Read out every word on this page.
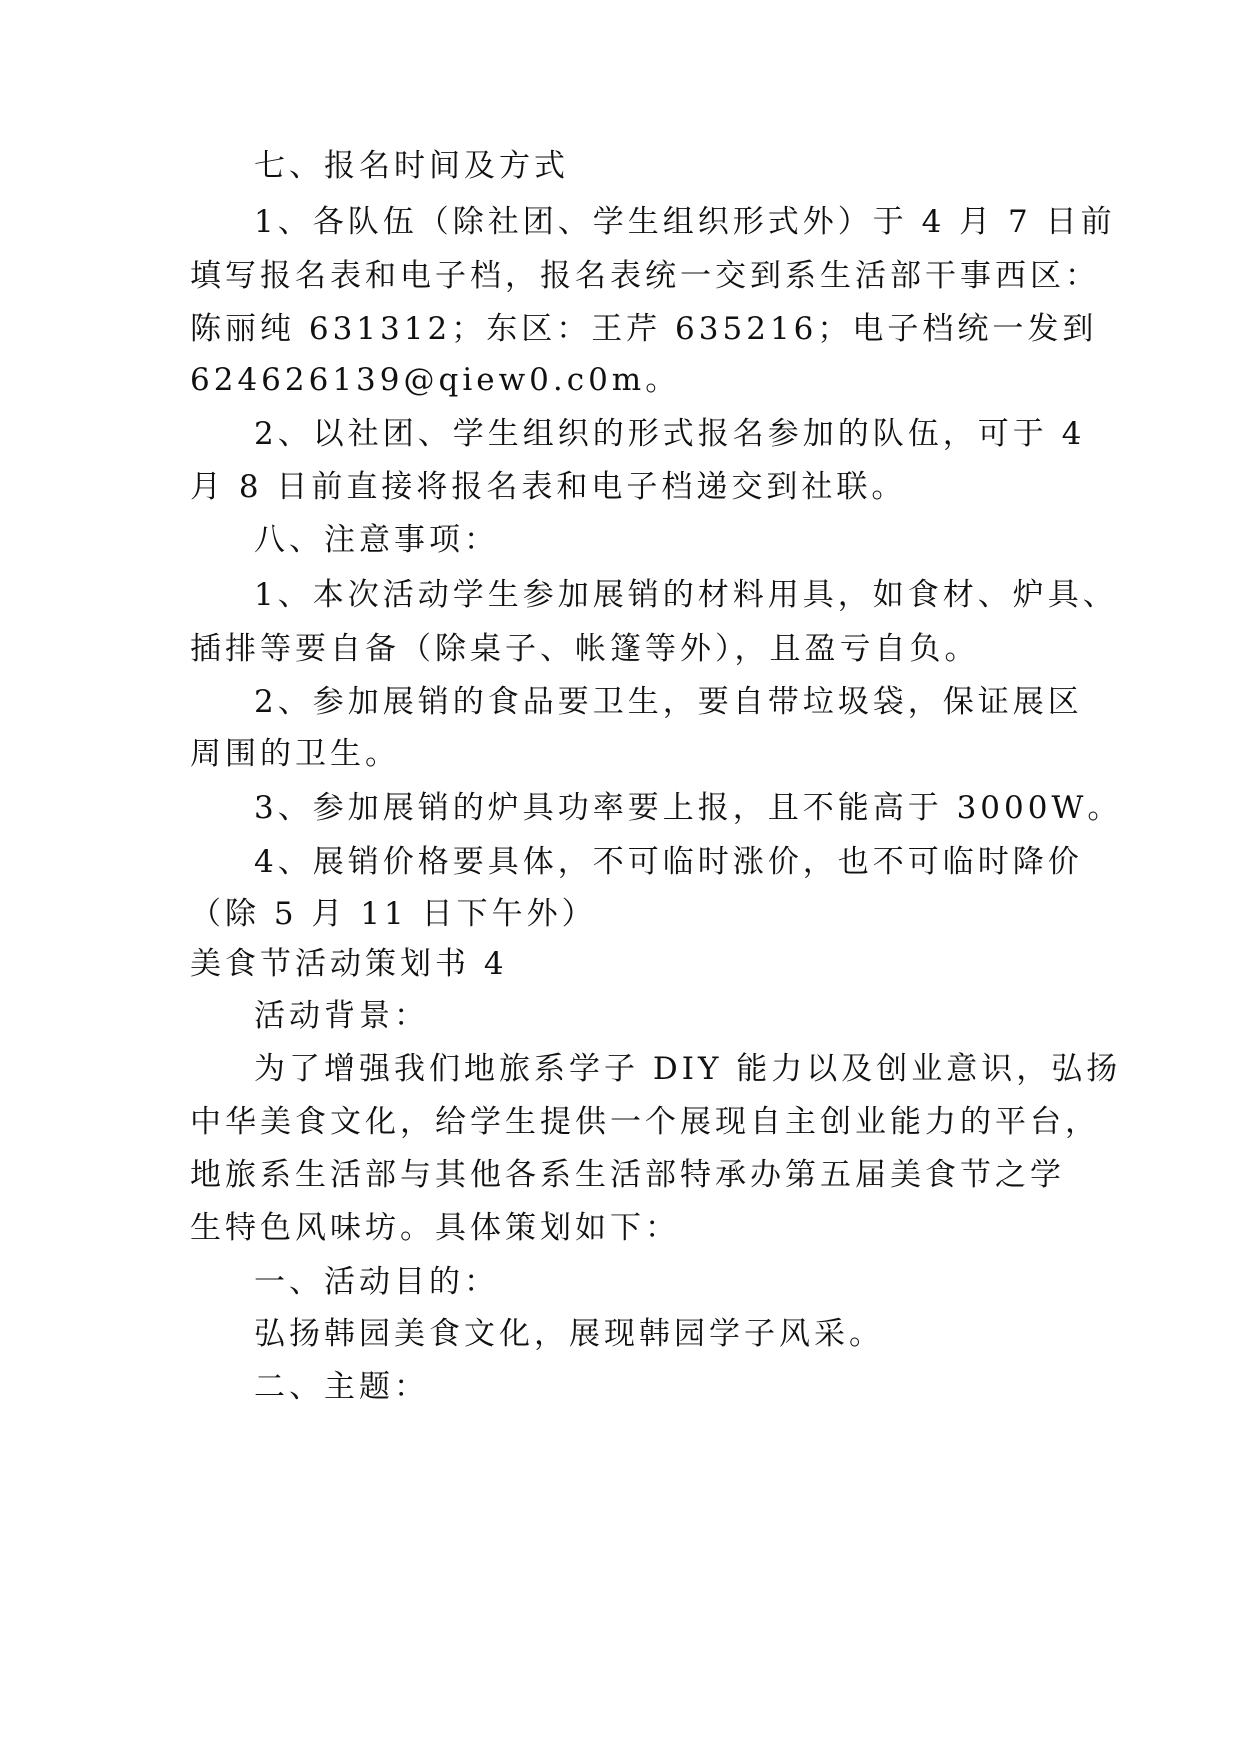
七、报名时间及方式
1、各队伍（除社团、学生组织形式外）于 4 月 7 日前
填写报名表和电子档，报名表统一交到系生活部干事西区：
陈丽纯 631312；东区：王芹 635216；电子档统一发到
624626139@qiew0.c0m。
2、以社团、学生组织的形式报名参加的队伍，可于 4
月 8 日前直接将报名表和电子档递交到社联。
八、注意事项：
1、本次活动学生参加展销的材料用具，如食材、炉具、
插排等要自备（除桌子、帐篷等外），且盈亏自负。
2、参加展销的食品要卫生，要自带垃圾袋，保证展区
周围的卫生。
3、参加展销的炉具功率要上报，且不能高于 3000W。
4、展销价格要具体，不可临时涨价，也不可临时降价
（除 5 月 11 日下午外）
美食节活动策划书 4
活动背景：
为了增强我们地旅系学子 DIY 能力以及创业意识，弘扬
中华美食文化，给学生提供一个展现自主创业能力的平台，
地旅系生活部与其他各系生活部特承办第五届美食节之学
生特色风味坊。具体策划如下：
一、活动目的：
弘扬韩园美食文化，展现韩园学子风采。
二、主题：
